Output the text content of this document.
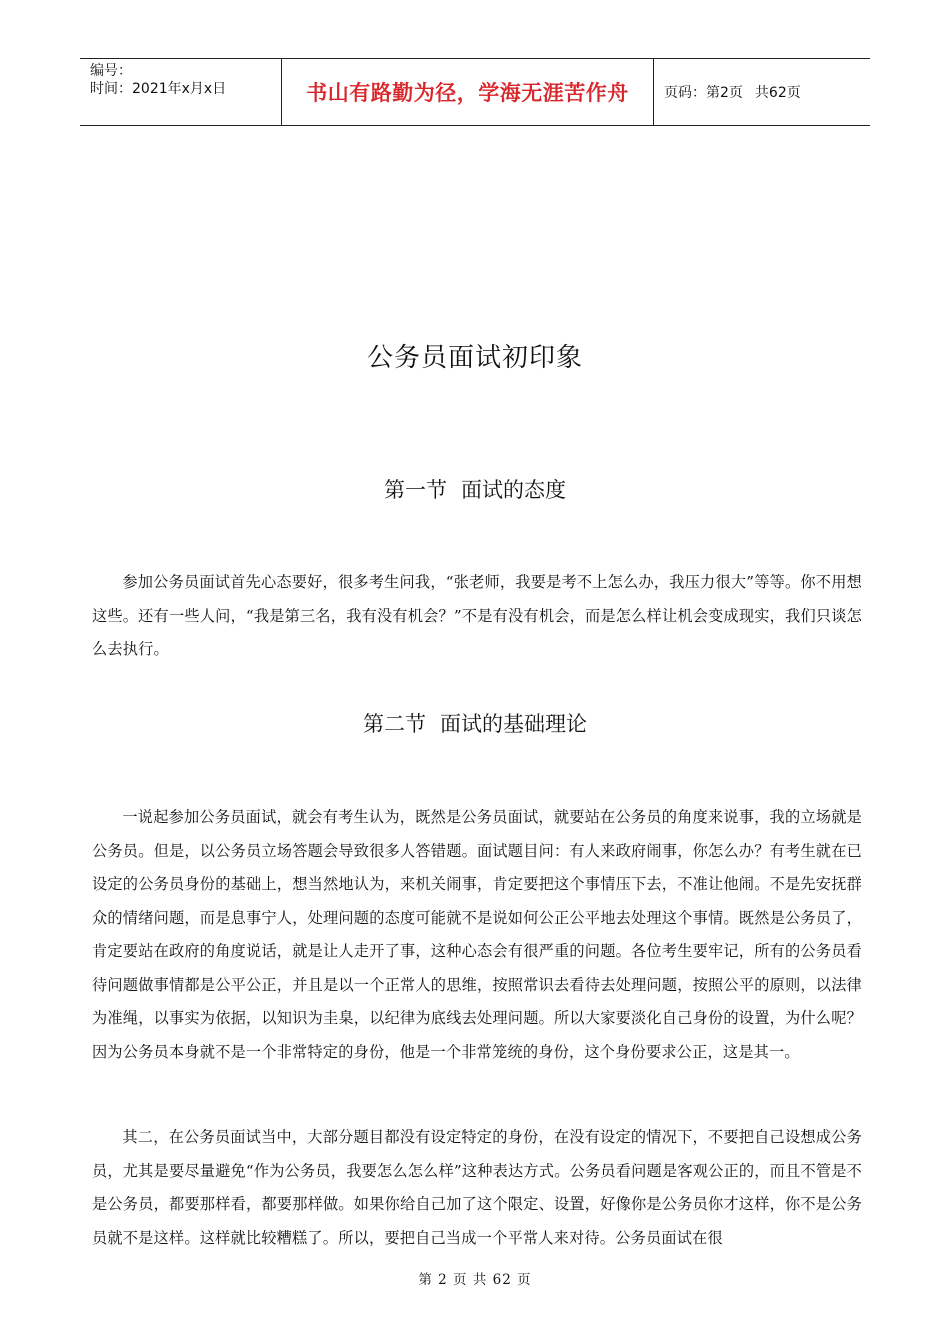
编号：
时间：2021年x月x日	书山有路勤为径，学海无涯苦作舟	页码：第2页 共62页
公务员面试初印象
第一节 面试的态度

参加公务员面试首先心态要好，很多考生问我，“张老师，我要是考不上怎么办，我压力很大”等等。你不用想这些。还有一些人问，“我是第三名，我有没有机会？”不是有没有机会，而是怎么样让机会变成现实，我们只谈怎么去执行。

第二节 面试的基础理论

一说起参加公务员面试，就会有考生认为，既然是公务员面试，就要站在公务员的角度来说事，我的立场就是公务员。但是，以公务员立场答题会导致很多人答错题。面试题目问：有人来政府闹事，你怎么办？有考生就在已设定的公务员身份的基础上，想当然地认为，来机关闹事，肯定要把这个事情压下去，不准让他闹。不是先安抚群众的情绪问题，而是息事宁人，处理问题的态度可能就不是说如何公正公平地去处理这个事情。既然是公务员了，肯定要站在政府的角度说话，就是让人走开了事，这种心态会有很严重的问题。各位考生要牢记，所有的公务员看待问题做事情都是公平公正，并且是以一个正常人的思维，按照常识去看待去处理问题，按照公平的原则，以法律为准绳，以事实为依据，以知识为圭臬，以纪律为底线去处理问题。所以大家要淡化自己身份的设置，为什么呢？因为公务员本身就不是一个非常特定的身份，他是一个非常笼统的身份，这个身份要求公正，这是其一。

其二，在公务员面试当中，大部分题目都没有设定特定的身份，在没有设定的情况下，不要把自己设想成公务员，尤其是要尽量避免“作为公务员，我要怎么怎么样”这种表达方式。公务员看问题是客观公正的，而且不管是不是公务员，都要那样看，都要那样做。如果你给自己加了这个限定、设置，好像你是公务员你才这样，你不是公务员就不是这样。这样就比较糟糕了。所以，要把自己当成一个平常人来对待。公务员面试在很

第 2 页 共 62 页
